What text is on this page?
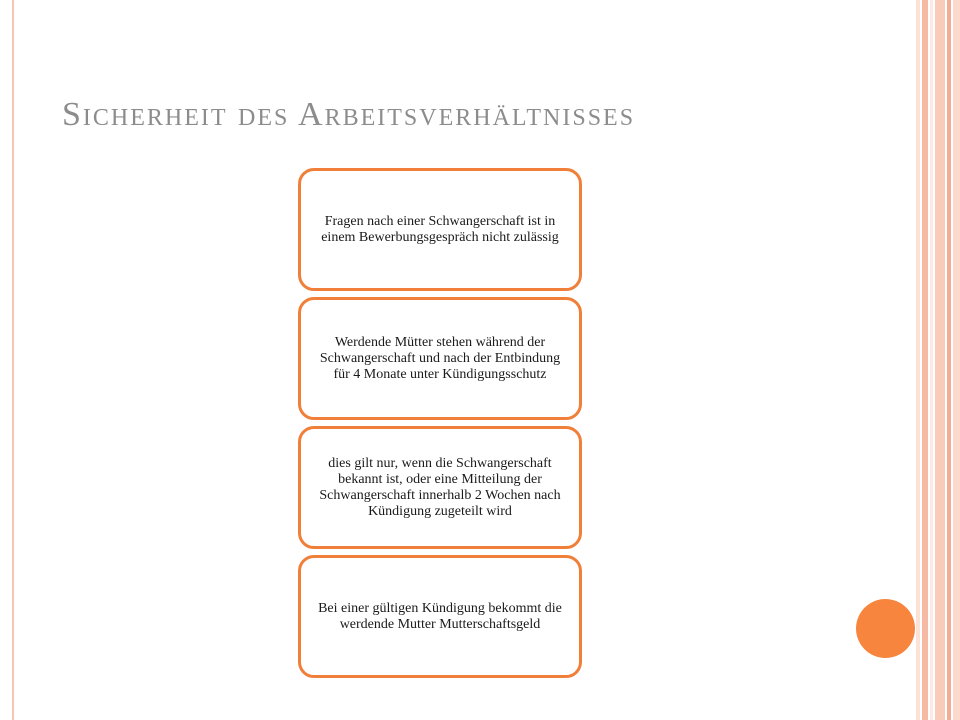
Sicherheit des Arbeitsverhältnisses
Fragen nach einer Schwangerschaft ist in einem Bewerbungsgespräch nicht zulässig
Werdende Mütter stehen während der Schwangerschaft und nach der Entbindung für 4 Monate unter Kündigungsschutz
dies gilt nur, wenn die Schwangerschaft bekannt ist, oder eine Mitteilung der Schwangerschaft innerhalb 2 Wochen nach Kündigung zugeteilt wird
Bei einer gültigen Kündigung bekommt die werdende Mutter Mutterschaftsgeld
